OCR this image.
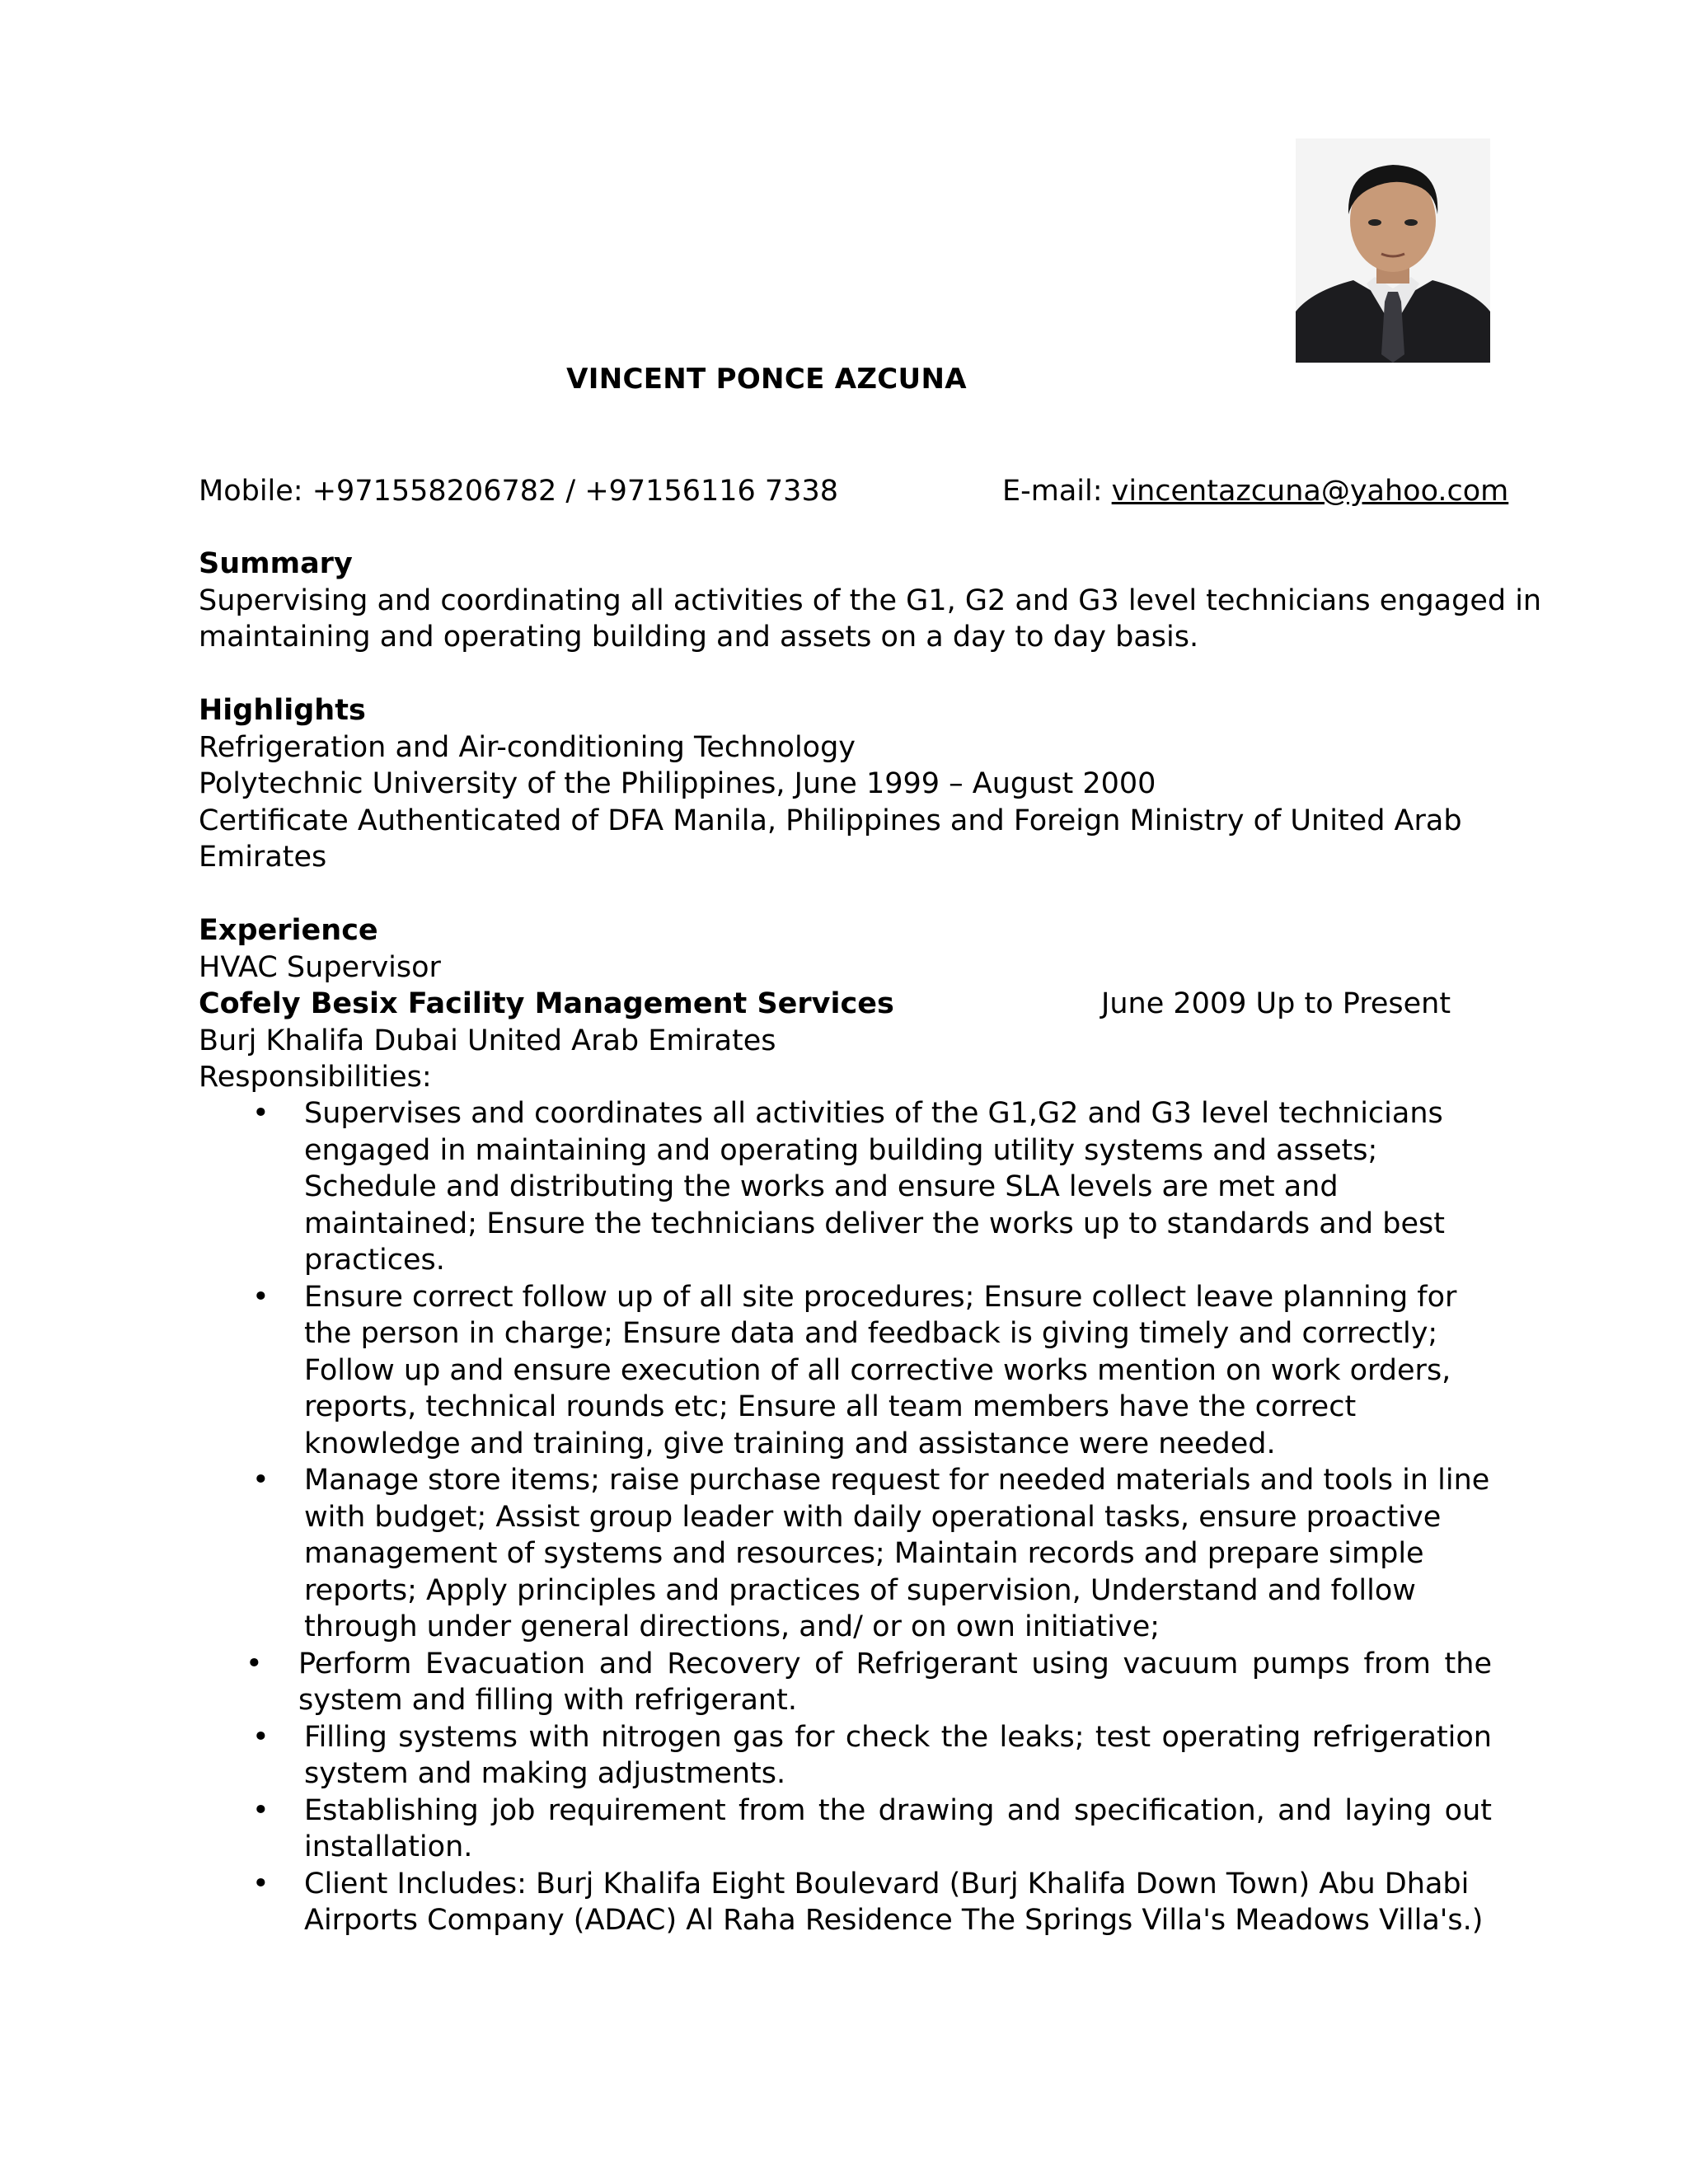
VINCENT PONCE AZCUNA
Mobile: +971558206782 / +97156116 7338	E-mail: vincentazcuna@yahoo.com
Summary
Supervising and coordinating all activities of the G1, G2 and G3 level technicians engaged in
maintaining and operating building and assets on a day to day basis.
Highlights
Refrigeration and Air-conditioning Technology
Polytechnic University of the Philippines, June 1999 – August 2000
Certificate Authenticated of DFA Manila, Philippines and Foreign Ministry of United Arab
Emirates
Experience
HVAC Supervisor
Cofely Besix Facility Management Services	June 2009 Up to Present
Burj Khalifa Dubai United Arab Emirates
Responsibilities:
• Supervises and coordinates all activities of the G1,G2 and G3 level technicians engaged in maintaining and operating building utility systems and assets; Schedule and distributing the works and ensure SLA levels are met and maintained; Ensure the technicians deliver the works up to standards and best practices.
• Ensure correct follow up of all site procedures; Ensure collect leave planning for the person in charge; Ensure data and feedback is giving timely and correctly; Follow up and ensure execution of all corrective works mention on work orders, reports, technical rounds etc; Ensure all team members have the correct knowledge and training, give training and assistance were needed.
• Manage store items; raise purchase request for needed materials and tools in line with budget; Assist group leader with daily operational tasks, ensure proactive management of systems and resources; Maintain records and prepare simple reports; Apply principles and practices of supervision, Understand and follow through under general directions, and/ or on own initiative;
• Perform Evacuation and Recovery of Refrigerant using vacuum pumps from the system and filling with refrigerant.
• Filling systems with nitrogen gas for check the leaks; test operating refrigeration system and making adjustments.
• Establishing job requirement from the drawing and specification, and laying out installation.
• Client Includes: Burj Khalifa Eight Boulevard (Burj Khalifa Down Town) Abu Dhabi Airports Company (ADAC) Al Raha Residence The Springs Villa's Meadows Villa's.)
